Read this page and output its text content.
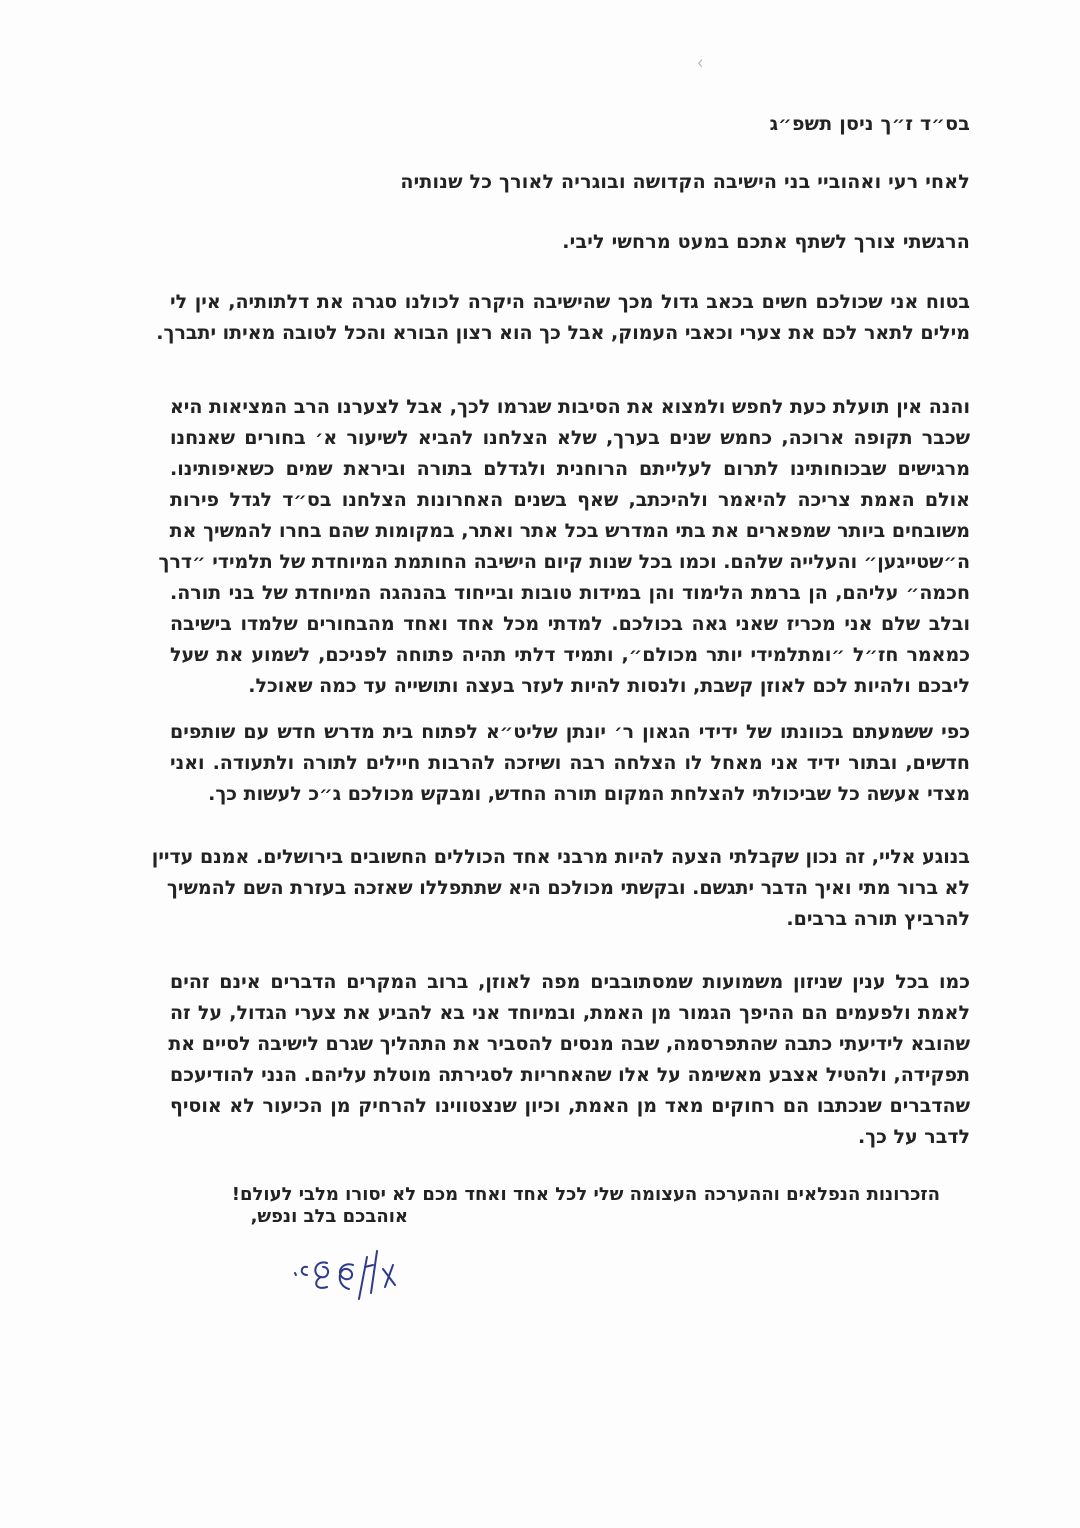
‹
בס״ד ז״ך ניסן תשפ״ג
לאחי רעי ואהוביי בני הישיבה הקדושה ובוגריה לאורך כל שנותיה
הרגשתי צורך לשתף אתכם במעט מרחשי ליבי.
בטוח אני שכולכם חשים בכאב גדול מכך שהישיבה היקרה לכולנו סגרה את דלתותיה, אין לי
מילים לתאר לכם את צערי וכאבי העמוק, אבל כך הוא רצון הבורא והכל לטובה מאיתו יתברך.
והנה אין תועלת כעת לחפש ולמצוא את הסיבות שגרמו לכך, אבל לצערנו הרב המציאות היא
שכבר תקופה ארוכה, כחמש שנים בערך, שלא הצלחנו להביא לשיעור א׳ בחורים שאנחנו
מרגישים שבכוחותינו לתרום לעלייתם הרוחנית ולגדלם בתורה וביראת שמים כשאיפותינו.
אולם האמת צריכה להיאמר ולהיכתב, שאף בשנים האחרונות הצלחנו בס״ד לגדל פירות
משובחים ביותר שמפארים את בתי המדרש בכל אתר ואתר, במקומות שהם בחרו להמשיך את
ה״שטייגען״ והעלייה שלהם. וכמו בכל שנות קיום הישיבה החותמת המיוחדת של תלמידי ״דרך
חכמה״ עליהם, הן ברמת הלימוד והן במידות טובות ובייחוד בהנהגה המיוחדת של בני תורה.
ובלב שלם אני מכריז שאני גאה בכולכם. למדתי מכל אחד ואחד מהבחורים שלמדו בישיבה
כמאמר חז״ל ״ומתלמידי יותר מכולם״, ותמיד דלתי תהיה פתוחה לפניכם, לשמוע את שעל
ליבכם ולהיות לכם לאוזן קשבת, ולנסות להיות לעזר בעצה ותושייה עד כמה שאוכל.
כפי ששמעתם בכוונתו של ידידי הגאון ר׳ יונתן שליט״א לפתוח בית מדרש חדש עם שותפים
חדשים, ובתור ידיד אני מאחל לו הצלחה רבה ושיזכה להרבות חיילים לתורה ולתעודה. ואני
מצדי אעשה כל שביכולתי להצלחת המקום תורה החדש, ומבקש מכולכם ג״כ לעשות כך.
בנוגע אליי, זה נכון שקבלתי הצעה להיות מרבני אחד הכוללים החשובים בירושלים. אמנם עדיין
לא ברור מתי ואיך הדבר יתגשם. ובקשתי מכולכם היא שתתפללו שאזכה בעזרת השם להמשיך
להרביץ תורה ברבים.
כמו בכל ענין שניזון משמועות שמסתובבים מפה לאוזן, ברוב המקרים הדברים אינם זהים
לאמת ולפעמים הם ההיפך הגמור מן האמת, ובמיוחד אני בא להביע את צערי הגדול, על זה
שהובא לידיעתי כתבה שהתפרסמה, שבה מנסים להסביר את התהליך שגרם לישיבה לסיים את
תפקידה, ולהטיל אצבע מאשימה על אלו שהאחריות לסגירתה מוטלת עליהם. הנני להודיעכם
שהדברים שנכתבו הם רחוקים מאד מן האמת, וכיון שנצטווינו להרחיק מן הכיעור לא אוסיף
לדבר על כך.
הזכרונות הנפלאים וההערכה העצומה שלי לכל אחד ואחד מכם לא יסורו מלבי לעולם!
אוהבכם בלב ונפש,
